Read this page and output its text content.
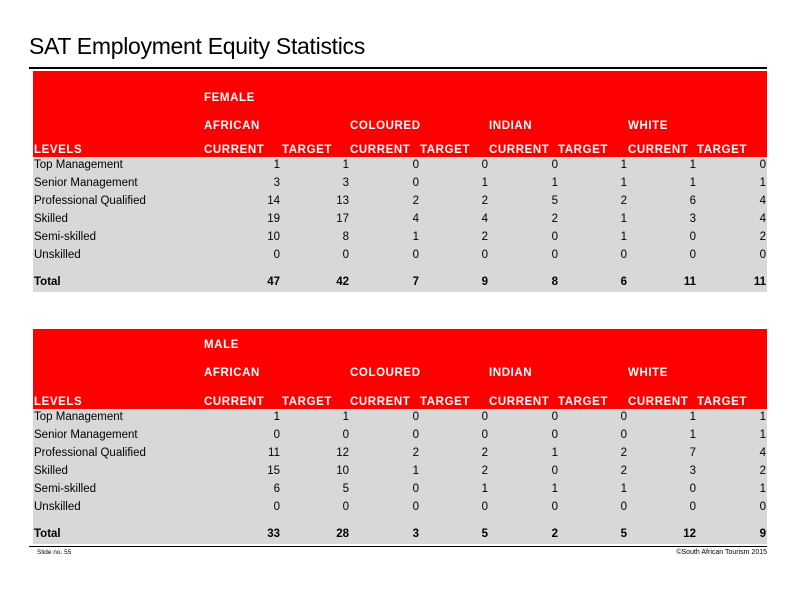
SAT Employment Equity Statistics
FEMALE
AFRICAN	COLOURED	INDIAN	WHITE
LEVELS	CURRENT TARGET CURRENT TARGET CURRENT TARGET CURRENT TARGET
Top Management	1	1	0	0	0	1	1	0
Senior Management	3	3	0	1	1	1	1	1
Professional Qualified	14	13	2	2	5	2	6	4
Skilled	19	17	4	4	2	1	3	4
Semi-skilled	10	8	1	2	0	1	0	2
Unskilled	0	0	0	0	0	0	0	0
Total	47	42	7	9	8	6	11	11
MALE
AFRICAN	COLOURED	INDIAN	WHITE
LEVELS	CURRENT TARGET CURRENT TARGET CURRENT TARGET CURRENT TARGET
Top Management	1	1	0	0	0	0	1	1
Senior Management	0	0	0	0	0	0	1	1
Professional Qualified	11	12	2	2	1	2	7	4
Skilled	15	10	1	2	0	2	3	2
Semi-skilled	6	5	0	1	1	1	0	1
Unskilled	0	0	0	0	0	0	0	0
Total	33	28	3	5	2	5	12	9
Slide no. 55	©South African Tourism 2015
